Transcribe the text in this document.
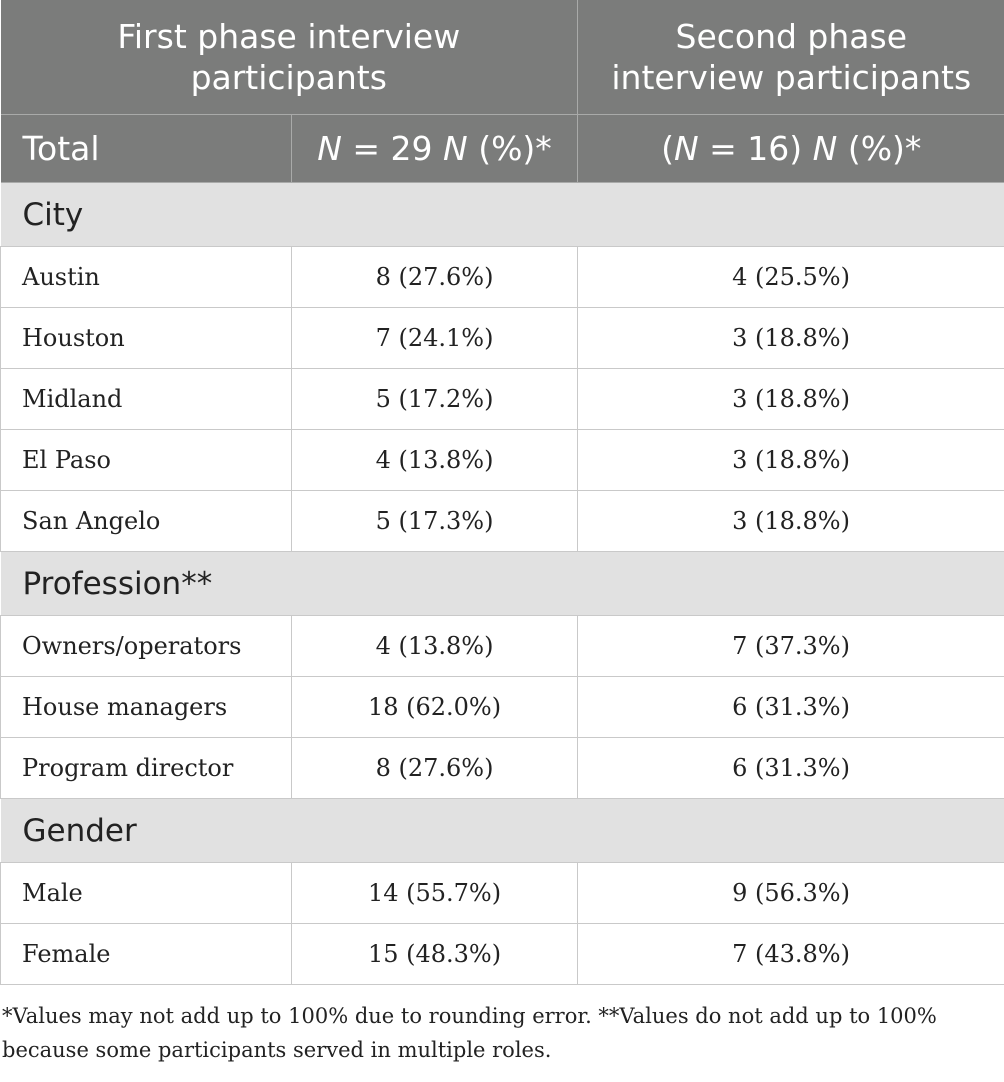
First phase interview participants		Second phase interview participants
Total	N = 29 N (%)*	(N = 16) N (%)*
City		
Austin	8 (27.6%)	4 (25.5%)
Houston	7 (24.1%)	3 (18.8%)
Midland	5 (17.2%)	3 (18.8%)
El Paso	4 (13.8%)	3 (18.8%)
San Angelo	5 (17.3%)	3 (18.8%)
Profession**		
Owners/operators	4 (13.8%)	7 (37.3%)
House managers	18 (62.0%)	6 (31.3%)
Program director	8 (27.6%)	6 (31.3%)
Gender		
Male	14 (55.7%)	9 (56.3%)
Female	15 (48.3%)	7 (43.8%)
*Values may not add up to 100% due to rounding error. **Values do not add up to 100% because some participants served in multiple roles.
